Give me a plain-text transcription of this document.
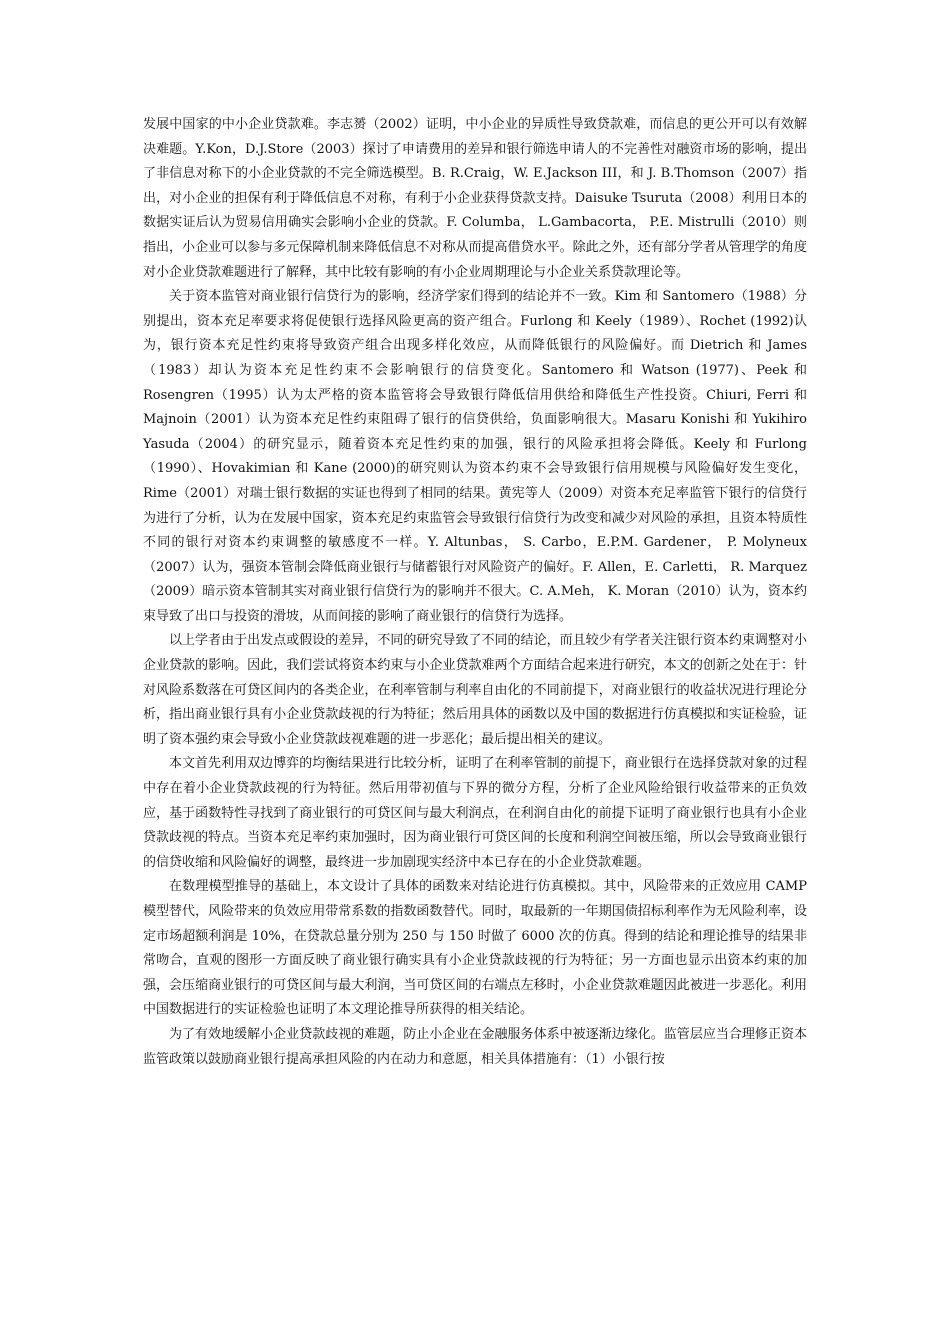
发展中国家的中小企业贷款难。李志赟（2002）证明，中小企业的异质性导致贷款难，而信息的更公开可以有效解决难题。Y.Kon，D.J.Store（2003）探讨了申请费用的差异和银行筛选申请人的不完善性对融资市场的影响，提出了非信息对称下的小企业贷款的不完全筛选模型。B. R.Craig，W. E.Jackson III，和 J. B.Thomson（2007）指出，对小企业的担保有利于降低信息不对称，有利于小企业获得贷款支持。Daisuke Tsuruta（2008）利用日本的数据实证后认为贸易信用确实会影响小企业的贷款。F. Columba， L.Gambacorta， P.E. Mistrulli（2010）则指出，小企业可以参与多元保障机制来降低信息不对称从而提高借贷水平。除此之外，还有部分学者从管理学的角度对小企业贷款难题进行了解释，其中比较有影响的有小企业周期理论与小企业关系贷款理论等。

关于资本监管对商业银行信贷行为的影响，经济学家们得到的结论并不一致。Kim 和 Santomero（1988）分别提出，资本充足率要求将促使银行选择风险更高的资产组合。Furlong 和 Keely（1989）、Rochet (1992)认为，银行资本充足性约束将导致资产组合出现多样化效应，从而降低银行的风险偏好。而 Dietrich 和 James（1983）却认为资本充足性约束不会影响银行的信贷变化。Santomero 和 Watson (1977)、Peek 和 Rosengren（1995）认为太严格的资本监管将会导致银行降低信用供给和降低生产性投资。Chiuri, Ferri 和 Majnoin（2001）认为资本充足性约束阻碍了银行的信贷供给，负面影响很大。Masaru Konishi 和 Yukihiro Yasuda（2004）的研究显示，随着资本充足性约束的加强，银行的风险承担将会降低。Keely 和 Furlong （1990）、Hovakimian 和 Kane (2000)的研究则认为资本约束不会导致银行信用规模与风险偏好发生变化，Rime（2001）对瑞士银行数据的实证也得到了相同的结果。黄宪等人（2009）对资本充足率监管下银行的信贷行为进行了分析，认为在发展中国家，资本充足约束监管会导致银行信贷行为改变和减少对风险的承担，且资本特质性不同的银行对资本约束调整的敏感度不一样。Y. Altunbas， S. Carbo，E.P.M. Gardener， P. Molyneux（2007）认为，强资本管制会降低商业银行与储蓄银行对风险资产的偏好。F. Allen，E. Carletti， R. Marquez（2009）暗示资本管制其实对商业银行信贷行为的影响并不很大。C. A.Meh， K. Moran（2010）认为，资本约束导致了出口与投资的滑坡，从而间接的影响了商业银行的信贷行为选择。

以上学者由于出发点或假设的差异，不同的研究导致了不同的结论，而且较少有学者关注银行资本约束调整对小企业贷款的影响。因此，我们尝试将资本约束与小企业贷款难两个方面结合起来进行研究，本文的创新之处在于：针对风险系数落在可贷区间内的各类企业，在利率管制与利率自由化的不同前提下，对商业银行的收益状况进行理论分析，指出商业银行具有小企业贷款歧视的行为特征；然后用具体的函数以及中国的数据进行仿真模拟和实证检验，证明了资本强约束会导致小企业贷款歧视难题的进一步恶化；最后提出相关的建议。

本文首先利用双边博弈的均衡结果进行比较分析，证明了在利率管制的前提下，商业银行在选择贷款对象的过程中存在着小企业贷款歧视的行为特征。然后用带初值与下界的微分方程，分析了企业风险给银行收益带来的正负效应，基于函数特性寻找到了商业银行的可贷区间与最大利润点，在利润自由化的前提下证明了商业银行也具有小企业贷款歧视的特点。当资本充足率约束加强时，因为商业银行可贷区间的长度和利润空间被压缩，所以会导致商业银行的信贷收缩和风险偏好的调整，最终进一步加剧现实经济中本已存在的小企业贷款难题。

在数理模型推导的基础上，本文设计了具体的函数来对结论进行仿真模拟。其中，风险带来的正效应用 CAMP 模型替代，风险带来的负效应用带常系数的指数函数替代。同时，取最新的一年期国债招标利率作为无风险利率，设定市场超额利润是 10%，在贷款总量分别为 250 与 150 时做了 6000 次的仿真。得到的结论和理论推导的结果非常吻合，直观的图形一方面反映了商业银行确实具有小企业贷款歧视的行为特征；另一方面也显示出资本约束的加强，会压缩商业银行的可贷区间与最大利润，当可贷区间的右端点左移时，小企业贷款难题因此被进一步恶化。利用中国数据进行的实证检验也证明了本文理论推导所获得的相关结论。

为了有效地缓解小企业贷款歧视的难题，防止小企业在金融服务体系中被逐渐边缘化。监管层应当合理修正资本监管政策以鼓励商业银行提高承担风险的内在动力和意愿，相关具体措施有：（1）小银行按
